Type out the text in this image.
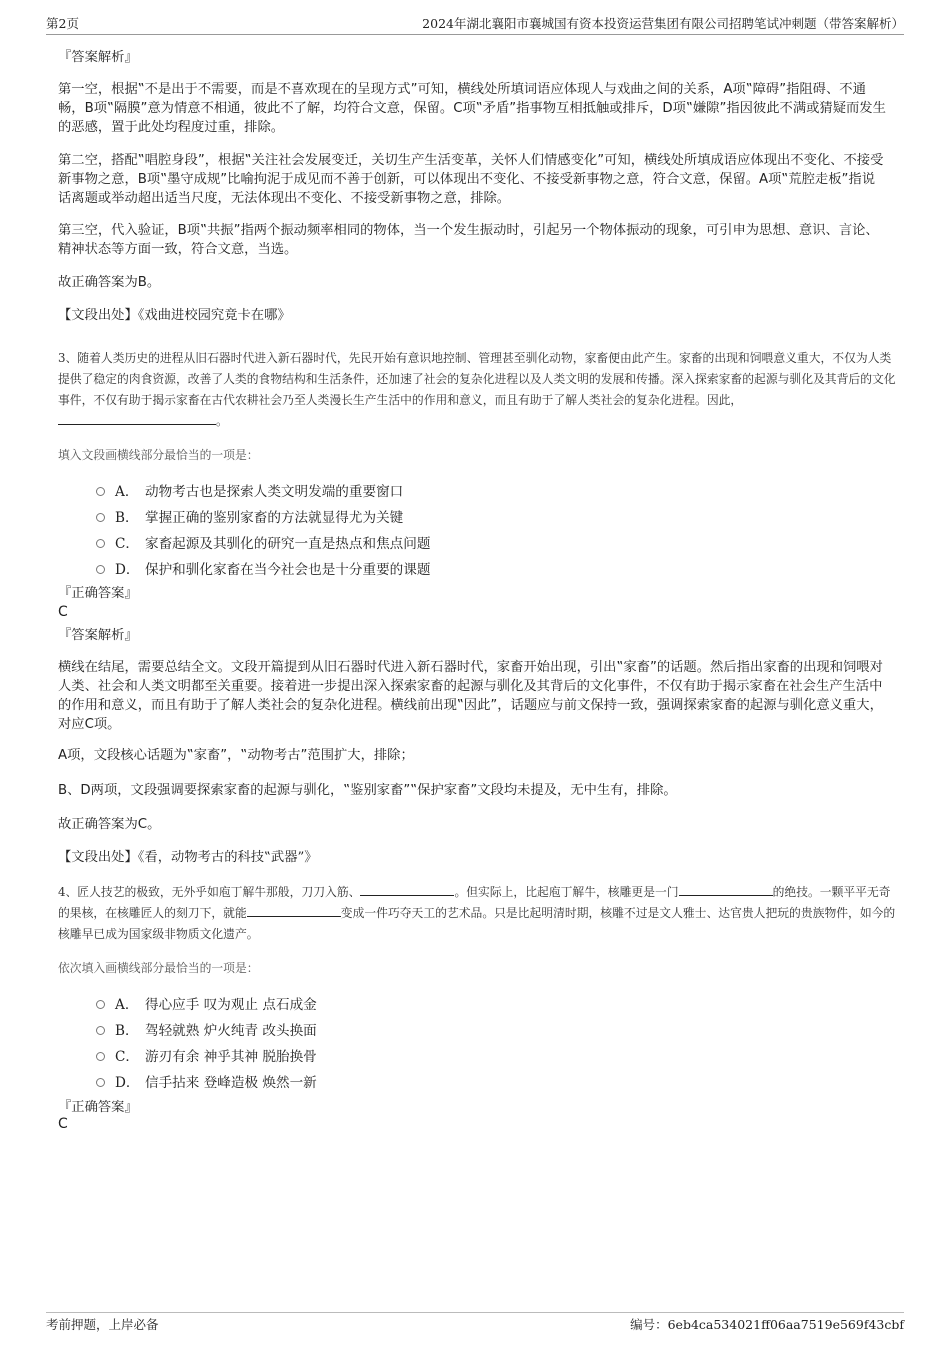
第2页	2024年湖北襄阳市襄城国有资本投资运营集团有限公司招聘笔试冲刺题（带答案解析）

『答案解析』

第一空，根据‟不是出于不需要，而是不喜欢现在的呈现方式”可知，横线处所填词语应体现人与戏曲之间的关系，A项‟障碍”指阻碍、不通畅，B项‟隔膜”意为情意不相通，彼此不了解，均符合文意，保留。C项‟矛盾”指事物互相抵触或排斥，D项‟嫌隙”指因彼此不满或猜疑而发生的恶感，置于此处均程度过重，排除。

第二空，搭配‟唱腔身段”，根据‟关注社会发展变迁，关切生产生活变革，关怀人们情感变化”可知，横线处所填成语应体现出不变化、不接受新事物之意，B项‟墨守成规”比喻拘泥于成见而不善于创新，可以体现出不变化、不接受新事物之意，符合文意，保留。A项‟荒腔走板”指说话离题或举动超出适当尺度，无法体现出不变化、不接受新事物之意，排除。

第三空，代入验证，B项‟共振”指两个振动频率相同的物体，当一个发生振动时，引起另一个物体振动的现象，可引申为思想、意识、言论、精神状态等方面一致，符合文意，当选。

故正确答案为B。

【文段出处】《戏曲进校园究竟卡在哪》

3、随着人类历史的进程从旧石器时代进入新石器时代，先民开始有意识地控制、管理甚至驯化动物，家畜便由此产生。家畜的出现和饲喂意义重大，不仅为人类提供了稳定的肉食资源，改善了人类的食物结构和生活条件，还加速了社会的复杂化进程以及人类文明的发展和传播。深入探索家畜的起源与驯化及其背后的文化事件，不仅有助于揭示家畜在古代农耕社会乃至人类漫长生产生活中的作用和意义，而且有助于了解人类社会的复杂化进程。因此，。

填入文段画横线部分最恰当的一项是：

A． 动物考古也是探索人类文明发端的重要窗口
B． 掌握正确的鉴别家畜的方法就显得尤为关键
C． 家畜起源及其驯化的研究一直是热点和焦点问题
D． 保护和驯化家畜在当今社会也是十分重要的课题

『正确答案』

C

『答案解析』

横线在结尾，需要总结全文。文段开篇提到从旧石器时代进入新石器时代，家畜开始出现，引出‟家畜”的话题。然后指出家畜的出现和饲喂对人类、社会和人类文明都至关重要。接着进一步提出深入探索家畜的起源与驯化及其背后的文化事件，不仅有助于揭示家畜在社会生产生活中的作用和意义，而且有助于了解人类社会的复杂化进程。横线前出现‟因此”，话题应与前文保持一致，强调探索家畜的起源与驯化意义重大，对应C项。

A项，文段核心话题为‟家畜”，‟动物考古”范围扩大，排除；

B、D两项，文段强调要探索家畜的起源与驯化，‟鉴别家畜”‟保护家畜”文段均未提及，无中生有，排除。

故正确答案为C。

【文段出处】《看，动物考古的科技‟武器”》

4、匠人技艺的极致，无外乎如庖丁解牛那般，刀刀入筋、	。但实际上，比起庖丁解牛，核雕更是一门	的绝技。一颗平平无奇的果核，在核雕匠人的刻刀下，就能	变成一件巧夺天工的艺术品。只是比起明清时期，核雕不过是文人雅士、达官贵人把玩的贵族物件，如今的核雕早已成为国家级非物质文化遗产。

依次填入画横线部分最恰当的一项是：

A． 得心应手 叹为观止 点石成金
B． 驾轻就熟 炉火纯青 改头换面
C． 游刃有余 神乎其神 脱胎换骨
D． 信手拈来 登峰造极 焕然一新

『正确答案』

C

考前押题，上岸必备	编号：6eb4ca534021ff06aa7519e569f43cbf
